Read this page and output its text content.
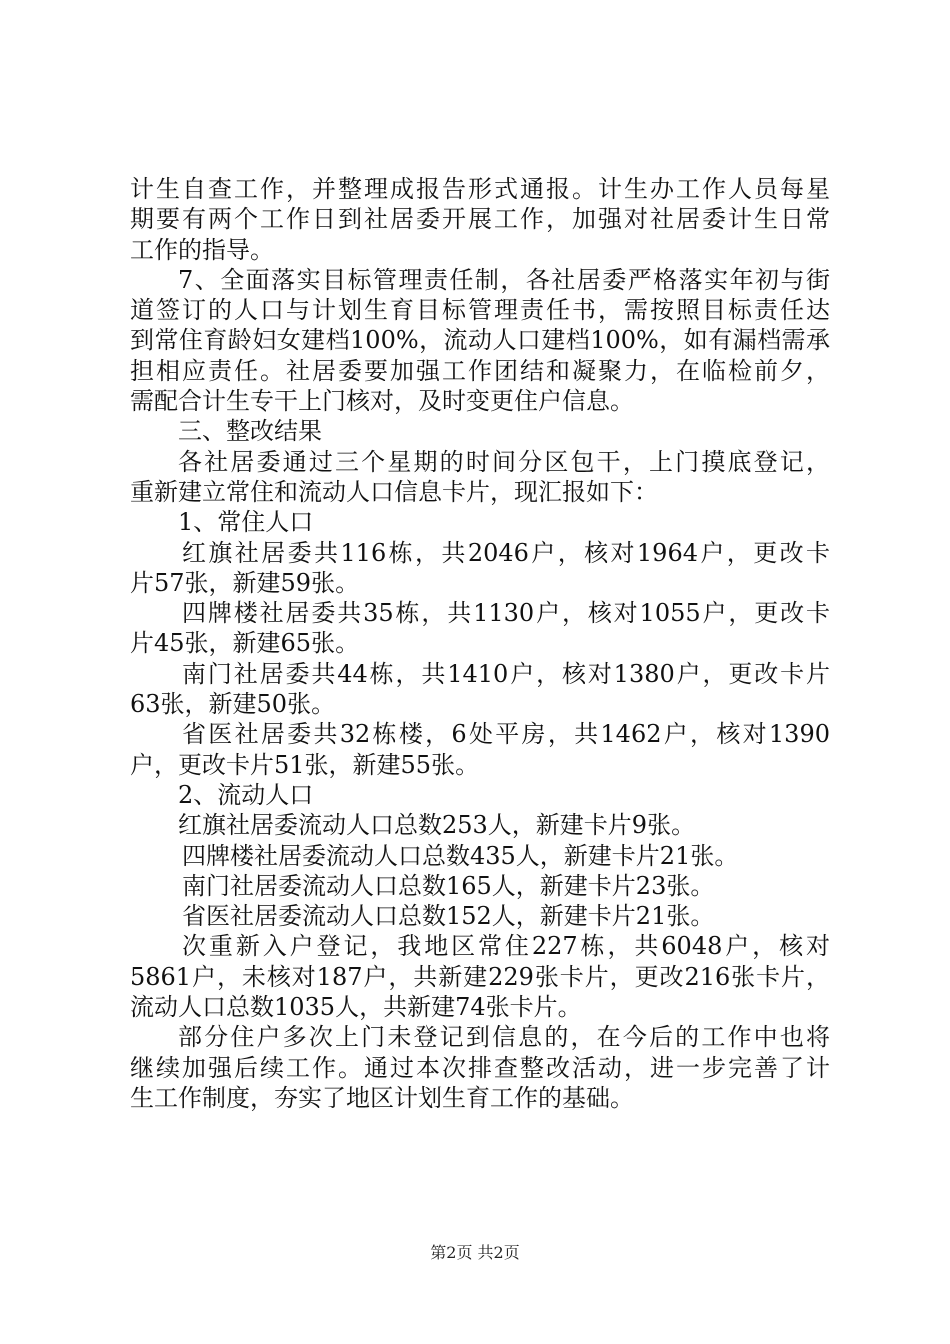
计生自查工作，并整理成报告形式通报。计生办工作人员每星
期要有两个工作日到社居委开展工作，加强对社居委计生日常
工作的指导。
7、全面落实目标管理责任制，各社居委严格落实年初与街
道签订的人口与计划生育目标管理责任书，需按照目标责任达
到常住育龄妇女建档100%，流动人口建档100%，如有漏档需承
担相应责任。社居委要加强工作团结和凝聚力，在临检前夕，
需配合计生专干上门核对，及时变更住户信息。
三、整改结果
各社居委通过三个星期的时间分区包干，上门摸底登记，
重新建立常住和流动人口信息卡片，现汇报如下：
1、常住人口
红旗社居委共116栋，共2046户，核对1964户，更改卡
片57张，新建59张。
四牌楼社居委共35栋，共1130户，核对1055户，更改卡
片45张，新建65张。
南门社居委共44栋，共1410户，核对1380户，更改卡片
63张，新建50张。
省医社居委共32栋楼，6处平房，共1462户，核对1390
户，更改卡片51张，新建55张。
2、流动人口
红旗社居委流动人口总数253人，新建卡片9张。
四牌楼社居委流动人口总数435人，新建卡片21张。
南门社居委流动人口总数165人，新建卡片23张。
省医社居委流动人口总数152人，新建卡片21张。
次重新入户登记，我地区常住227栋，共6048户，核对
5861户，未核对187户，共新建229张卡片，更改216张卡片，
流动人口总数1035人，共新建74张卡片。
部分住户多次上门未登记到信息的，在今后的工作中也将
继续加强后续工作。通过本次排查整改活动，进一步完善了计
生工作制度，夯实了地区计划生育工作的基础。
第2页 共2页
